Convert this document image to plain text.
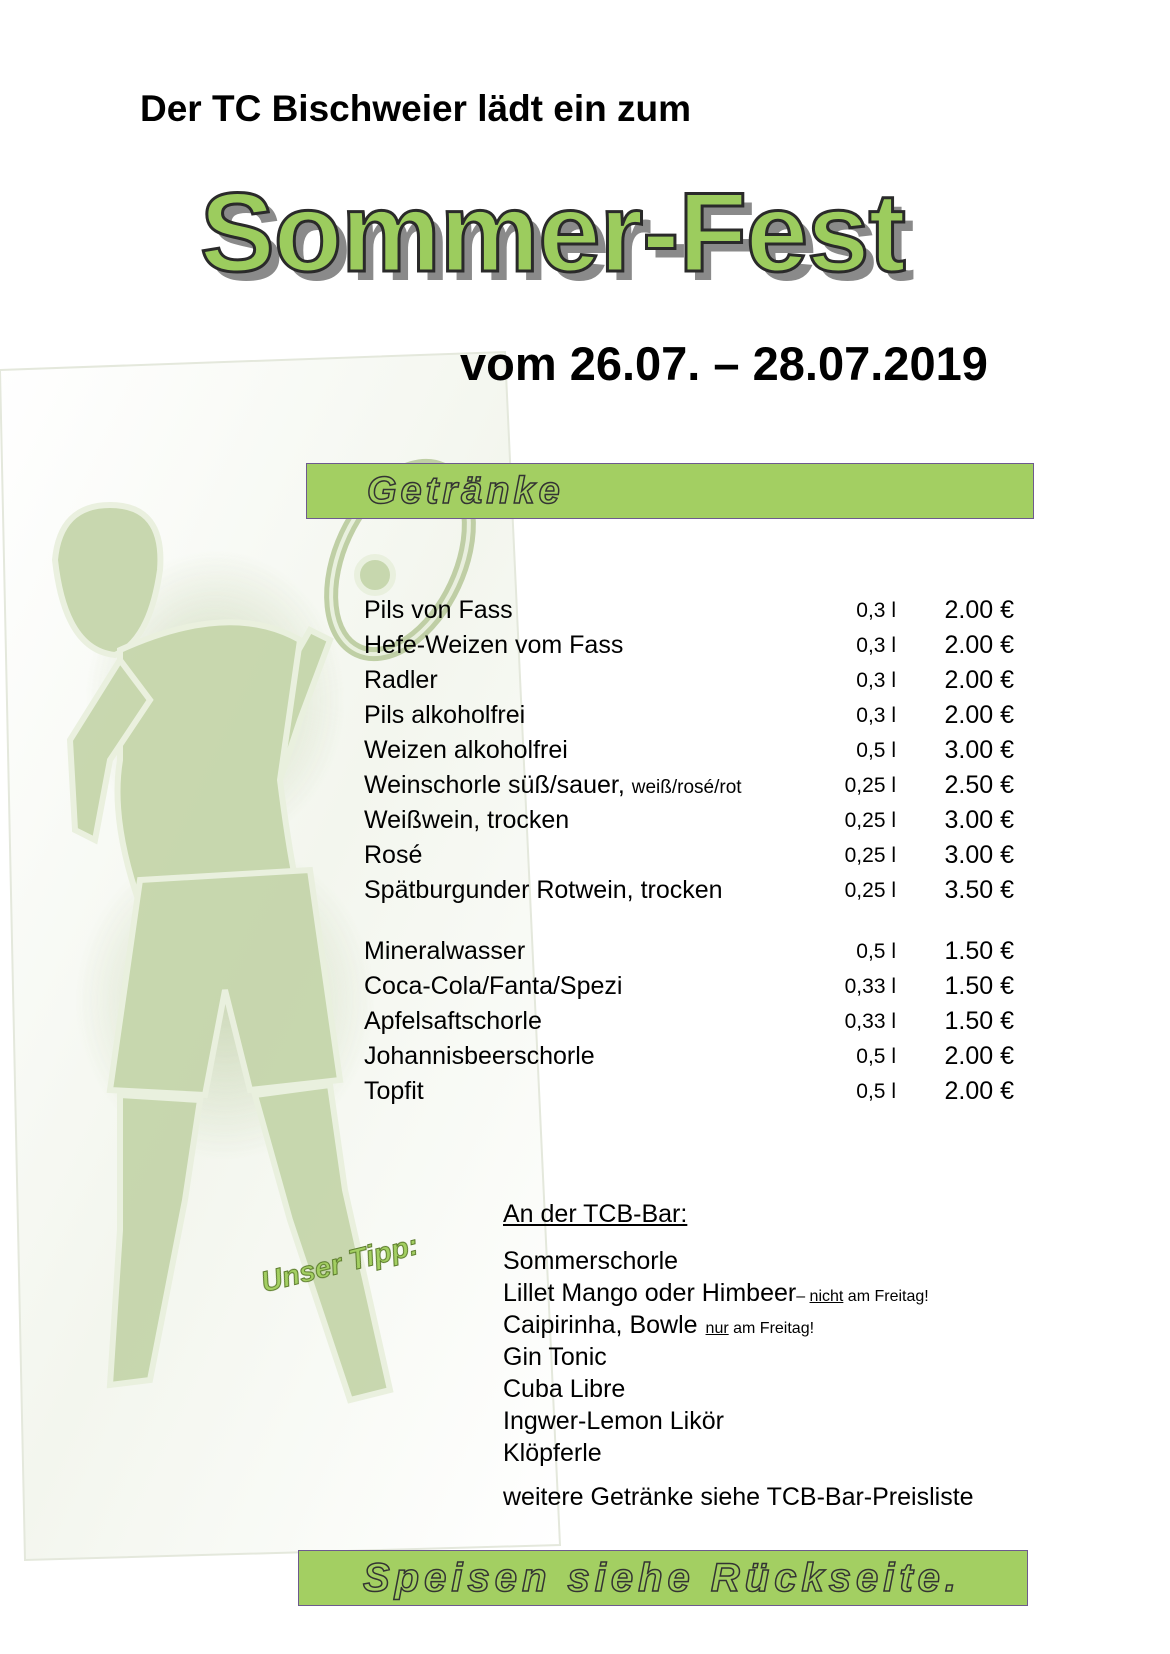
Der TC Bischweier lädt ein zum
Sommer-Fest
vom 26.07. – 28.07.2019
Getränke
Pils von Fass	0,3 l 2.00 €
Hefe-Weizen vom Fass	0,3 l 2.00 €
Radler	0,3 l 2.00 €
Pils alkoholfrei	0,3 l 2.00 €
Weizen alkoholfrei	0,5 l 3.00 €
Weinschorle süß/sauer, weiß/rosé/rot	0,25 l 2.50 €
Weißwein, trocken	0,25 l 3.00 €
Rosé	0,25 l 3.00 €
Spätburgunder Rotwein, trocken	0,25 l 3.50 €
Mineralwasser	0,5 l 1.50 €
Coca-Cola/Fanta/Spezi	0,33 l 1.50 €
Apfelsaftschorle	0,33 l 1.50 €
Johannisbeerschorle	0,5 l 2.00 €
Topfit	0,5 l 2.00 €
Unser Tipp:
An der TCB-Bar:
Sommerschorle
Lillet Mango oder Himbeer– nicht am Freitag!
Caipirinha, Bowle nur am Freitag!
Gin Tonic
Cuba Libre
Ingwer-Lemon Likör
Klöpferle
weitere Getränke siehe TCB-Bar-Preisliste
Speisen siehe Rückseite.
